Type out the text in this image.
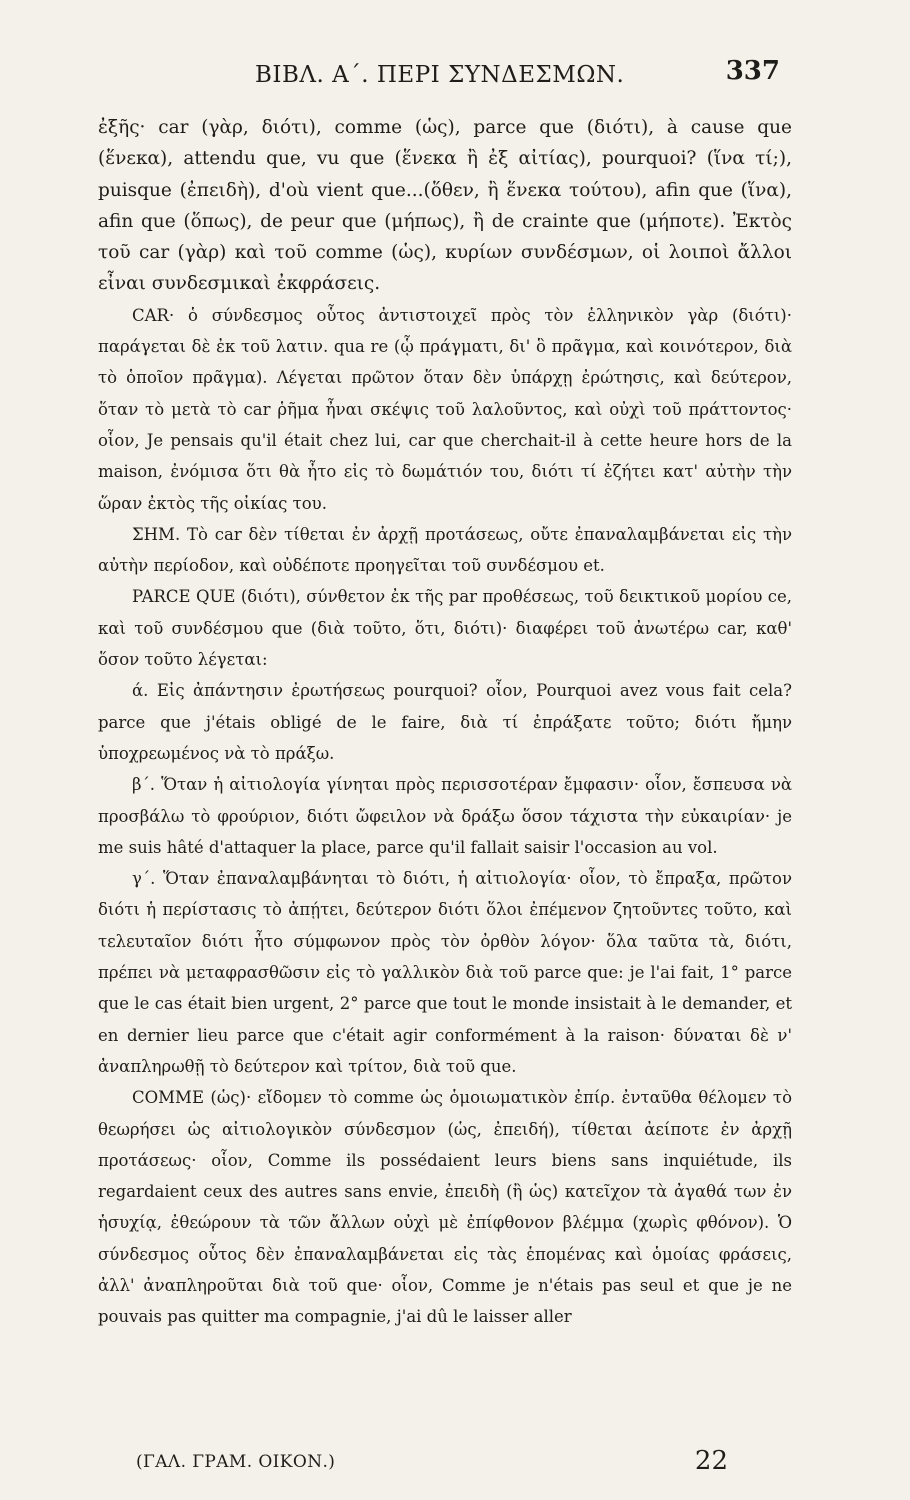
ΒΙΒΛ. Α΄. ΠΕΡΙ ΣΥΝΔΕΣΜΩΝ.	337

ἐξῆς· car (γὰρ, διότι), comme (ὡς), parce que (διότι), à cause que (ἕνεκα), attendu que, vu que (ἕνεκα ἢ ἐξ αἰτίας), pourquoi? (ἵνα τί;), puisque (ἐπειδὴ), d'où vient que...(ὅθεν, ἢ ἕνεκα τούτου), afin que (ἵνα), afin que (ὅπως), de peur que (μήπως), ἢ de crainte que (μήποτε). Ἐκτὸς τοῦ car (γὰρ) καὶ τοῦ comme (ὡς), κυρίων συνδέσμων, οἱ λοιποὶ ἄλλοι εἶναι συνδεσμικαὶ ἐκφράσεις.

CAR· ὁ σύνδεσμος οὗτος ἀντιστοιχεῖ πρὸς τὸν ἑλληνικὸν γὰρ (διότι)· παράγεται δὲ ἐκ τοῦ λατιν. qua re (ᾧ πράγματι, δι' ὃ πρᾶγμα, καὶ κοινότερον, διὰ τὸ ὁποῖον πρᾶγμα). Λέγεται πρῶτον ὅταν δὲν ὑπάρχῃ ἐρώτησις, καὶ δεύτερον, ὅταν τὸ μετὰ τὸ car ῥῆμα ἦναι σκέψις τοῦ λαλοῦντος, καὶ οὐχὶ τοῦ πράττοντος· οἷον, Je pensais qu'il était chez lui, car que cherchait-il à cette heure hors de la maison, ἐνόμισα ὅτι θὰ ἦτο εἰς τὸ δωμάτιόν του, διότι τί ἐζήτει κατ' αὐτὴν τὴν ὥραν ἐκτὸς τῆς οἰκίας του.

ΣΗΜ. Τὸ car δὲν τίθεται ἐν ἀρχῇ προτάσεως, οὔτε ἐπαναλαμβάνεται εἰς τὴν αὐτὴν περίοδον, καὶ οὐδέποτε προηγεῖται τοῦ συνδέσμου et.

PARCE QUE (διότι), σύνθετον ἐκ τῆς par προθέσεως, τοῦ δεικτικοῦ μορίου ce, καὶ τοῦ συνδέσμου que (διὰ τοῦτο, ὅτι, διότι)· διαφέρει τοῦ ἀνωτέρω car, καθ' ὅσον τοῦτο λέγεται:

ά. Εἰς ἀπάντησιν ἐρωτήσεως pourquoi? οἷον, Pourquoi avez vous fait cela? parce que j'étais obligé de le faire, διὰ τί ἐπράξατε τοῦτο; διότι ἤμην ὑποχρεωμένος νὰ τὸ πράξω.

β΄. Ὅταν ἡ αἰτιολογία γίνηται πρὸς περισσοτέραν ἔμφασιν· οἷον, ἔσπευσα νὰ προσβάλω τὸ φρούριον, διότι ὤφειλον νὰ δράξω ὅσον τάχιστα τὴν εὐκαιρίαν· je me suis hâté d'attaquer la place, parce qu'il fallait saisir l'occasion au vol.

γ΄. Ὅταν ἐπαναλαμβάνηται τὸ διότι, ἡ αἰτιολογία· οἷον, τὸ ἔπραξα, πρῶτον διότι ἡ περίστασις τὸ ἀπῄτει, δεύτερον διότι ὅλοι ἐπέμενον ζητοῦντες τοῦτο, καὶ τελευταῖον διότι ἦτο σύμφωνον πρὸς τὸν ὀρθὸν λόγον· ὅλα ταῦτα τὰ, διότι, πρέπει νὰ μεταφρασθῶσιν εἰς τὸ γαλλικὸν διὰ τοῦ parce que: je l'ai fait, 1° parce que le cas était bien urgent, 2° parce que tout le monde insistait à le demander, et en dernier lieu parce que c'était agir conformément à la raison· δύναται δὲ ν' ἀναπληρωθῇ τὸ δεύτερον καὶ τρίτον, διὰ τοῦ que.

COMME (ὡς)· εἴδομεν τὸ comme ὡς ὁμοιωματικὸν ἐπίρ. ἐνταῦθα θέλομεν τὸ θεωρήσει ὡς αἰτιολογικὸν σύνδεσμον (ὡς, ἐπειδή), τίθεται ἀείποτε ἐν ἀρχῇ προτάσεως· οἷον, Comme ils possédaient leurs biens sans inquiétude, ils regardaient ceux des autres sans envie, ἐπειδὴ (ἢ ὡς) κατεῖχον τὰ ἀγαθά των ἐν ἡσυχίᾳ, ἐθεώρουν τὰ τῶν ἄλλων οὐχὶ μὲ ἐπίφθονον βλέμμα (χωρὶς φθόνον). Ὁ σύνδεσμος οὗτος δὲν ἐπαναλαμβάνεται εἰς τὰς ἑπομένας καὶ ὁμοίας φράσεις, ἀλλ' ἀναπληροῦται διὰ τοῦ que· οἷον, Comme je n'étais pas seul et que je ne pouvais pas quitter ma compagnie, j'ai dû le laisser aller

(ΓΑΛ. ΓΡΑΜ. ΟΙΚΟΝ.)	22
